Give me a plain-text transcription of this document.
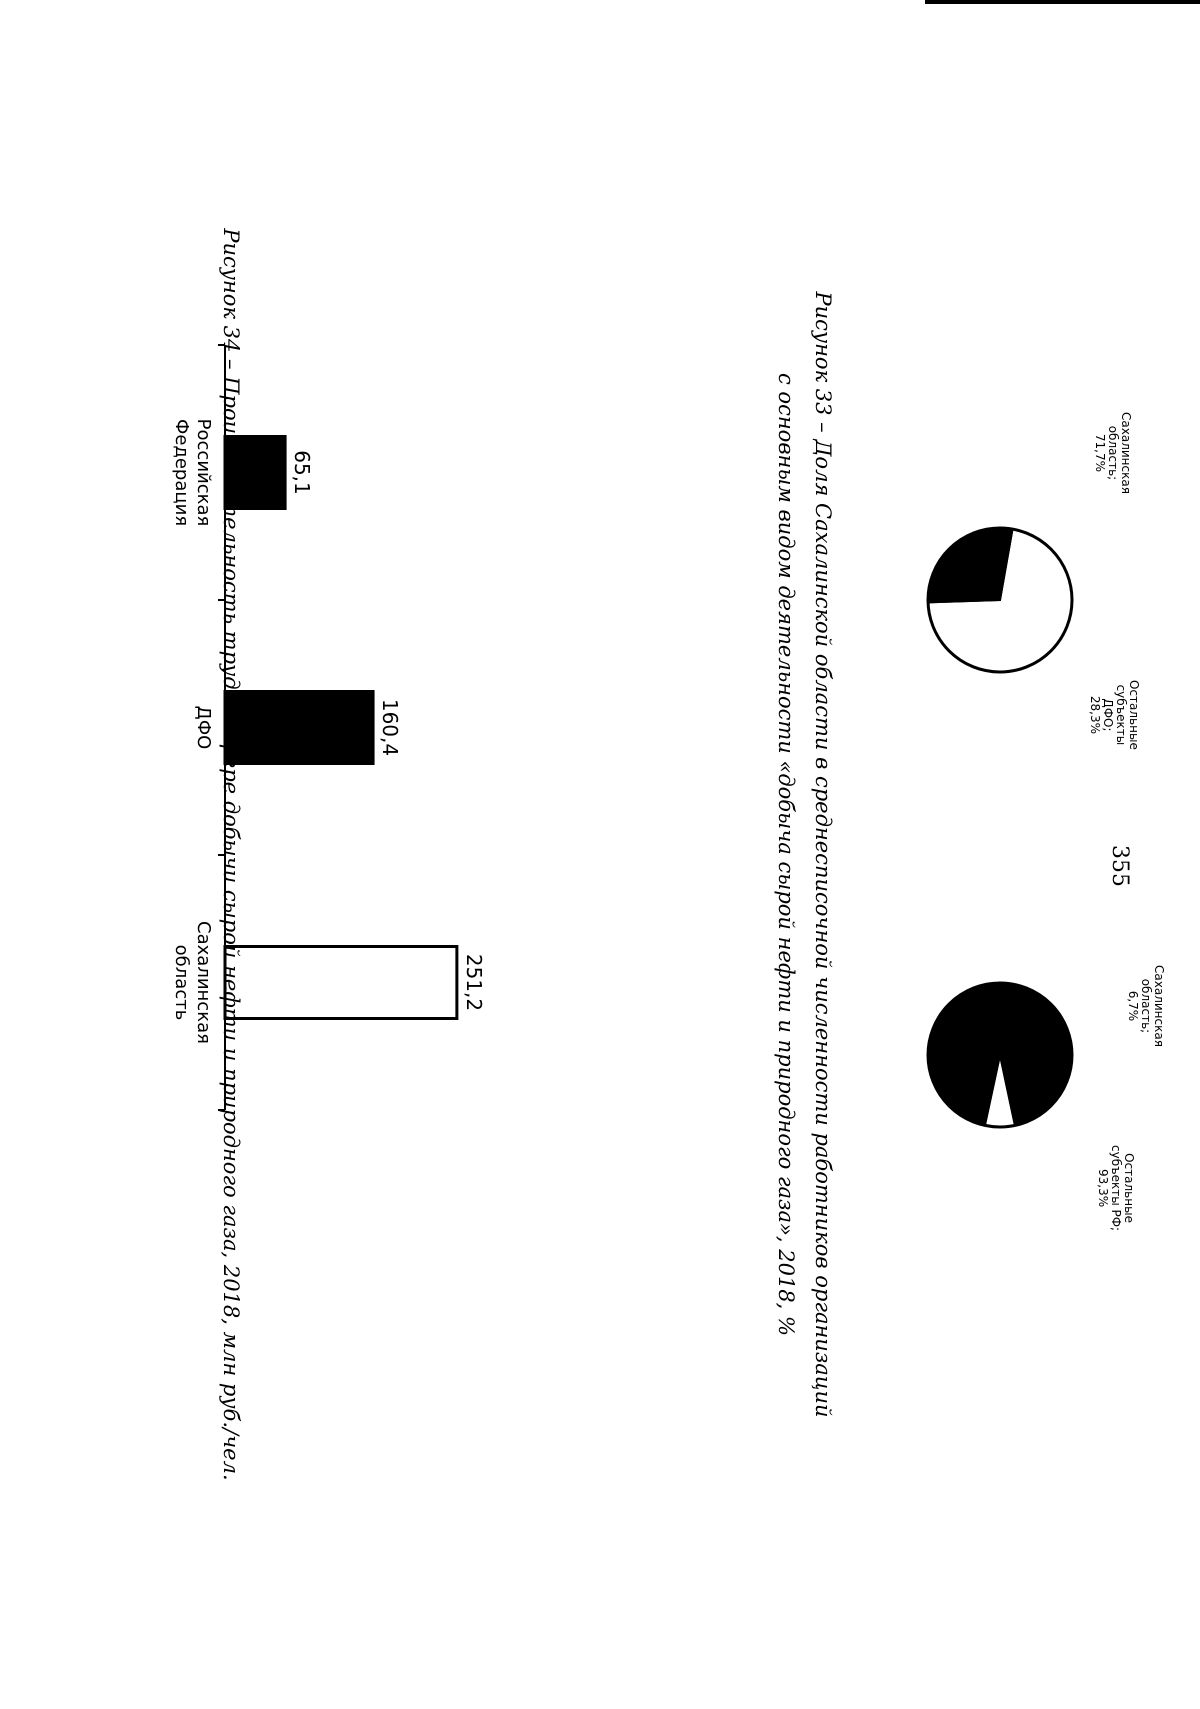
355
Сахалинская
область;
71,7%
Остальные
субъекты
ДФО;
28,3%
Сахалинская
область;
6,7%
Остальные
субъекты РФ;
93,3%
Рисунок 33 – Доля Сахалинской области в среднесписочной численности работников организаций
с основным видом деятельности «добыча сырой нефти и природного газа», 2018, %
65,1
Российская
Федерация
160,4
ДФО
251,2
Сахалинская
область Рисунок 34 – Производительность труда в сфере добычи сырой нефти и природного газа, 2018, млн руб./чел.
